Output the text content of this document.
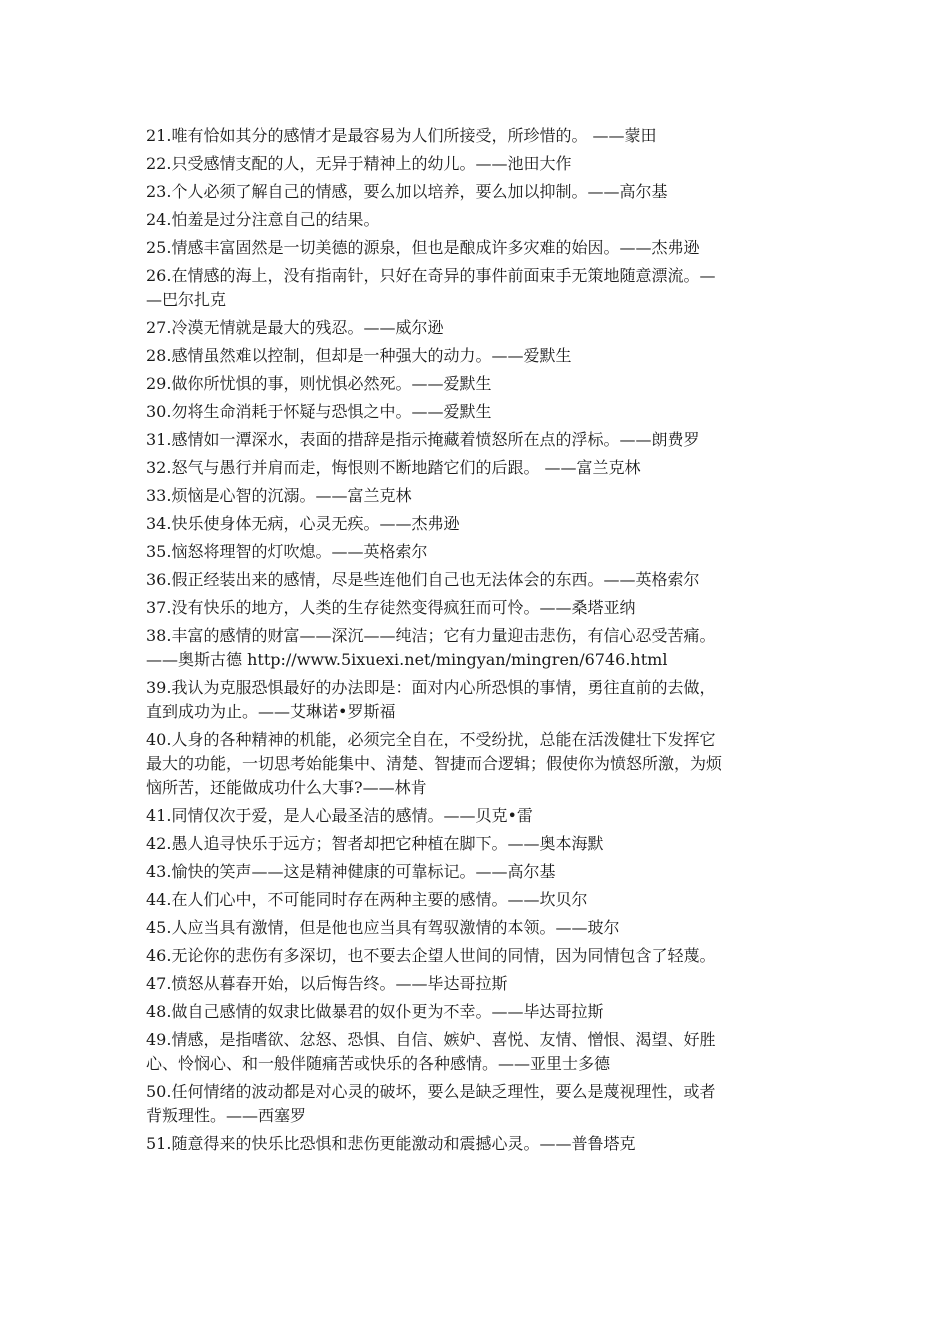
21.唯有恰如其分的感情才是最容易为人们所接受，所珍惜的。 ——蒙田
22.只受感情支配的人，无异于精神上的幼儿。——池田大作
23.个人必须了解自己的情感，要么加以培养，要么加以抑制。——高尔基
24.怕羞是过分注意自己的结果。
25.情感丰富固然是一切美德的源泉，但也是酿成许多灾难的始因。——杰弗逊
26.在情感的海上，没有指南针，只好在奇异的事件前面束手无策地随意漂流。—
—巴尔扎克
27.冷漠无情就是最大的残忍。——威尔逊
28.感情虽然难以控制，但却是一种强大的动力。——爱默生
29.做你所忧惧的事，则忧惧必然死。——爱默生
30.勿将生命消耗于怀疑与恐惧之中。——爱默生
31.感情如一潭深水，表面的措辞是指示掩藏着愤怒所在点的浮标。——朗费罗
32.怒气与愚行并肩而走，悔恨则不断地踏它们的后跟。 ——富兰克林
33.烦恼是心智的沉溺。——富兰克林
34.快乐使身体无病，心灵无疾。——杰弗逊
35.恼怒将理智的灯吹熄。——英格索尔
36.假正经装出来的感情，尽是些连他们自己也无法体会的东西。——英格索尔
37.没有快乐的地方，人类的生存徒然变得疯狂而可怜。——桑塔亚纳
38.丰富的感情的财富——深沉——纯洁；它有力量迎击悲伤，有信心忍受苦痛。
——奥斯古德 http://www.5ixuexi.net/mingyan/mingren/6746.html
39.我认为克服恐惧最好的办法即是：面对内心所恐惧的事情，勇往直前的去做，
直到成功为止。——艾琳诺•罗斯福
40.人身的各种精神的机能，必须完全自在，不受纷扰，总能在活泼健壮下发挥它
最大的功能，一切思考始能集中、清楚、智捷而合逻辑；假使你为愤怒所激，为烦
恼所苦，还能做成功什么大事?——林肯
41.同情仅次于爱，是人心最圣洁的感情。——贝克•雷
42.愚人追寻快乐于远方；智者却把它种植在脚下。——奥本海默
43.愉快的笑声——这是精神健康的可靠标记。——高尔基
44.在人们心中，不可能同时存在两种主要的感情。——坎贝尔
45.人应当具有激情，但是他也应当具有驾驭激情的本领。——玻尔
46.无论你的悲伤有多深切，也不要去企望人世间的同情，因为同情包含了轻蔑。
47.愤怒从暮春开始，以后悔告终。——毕达哥拉斯
48.做自己感情的奴隶比做暴君的奴仆更为不幸。——毕达哥拉斯
49.情感，是指嗜欲、忿怒、恐惧、自信、嫉妒、喜悦、友情、憎恨、渴望、好胜
心、怜悯心、和一般伴随痛苦或快乐的各种感情。——亚里士多德
50.任何情绪的波动都是对心灵的破坏，要么是缺乏理性，要么是蔑视理性，或者
背叛理性。——西塞罗
51.随意得来的快乐比恐惧和悲伤更能激动和震撼心灵。——普鲁塔克
